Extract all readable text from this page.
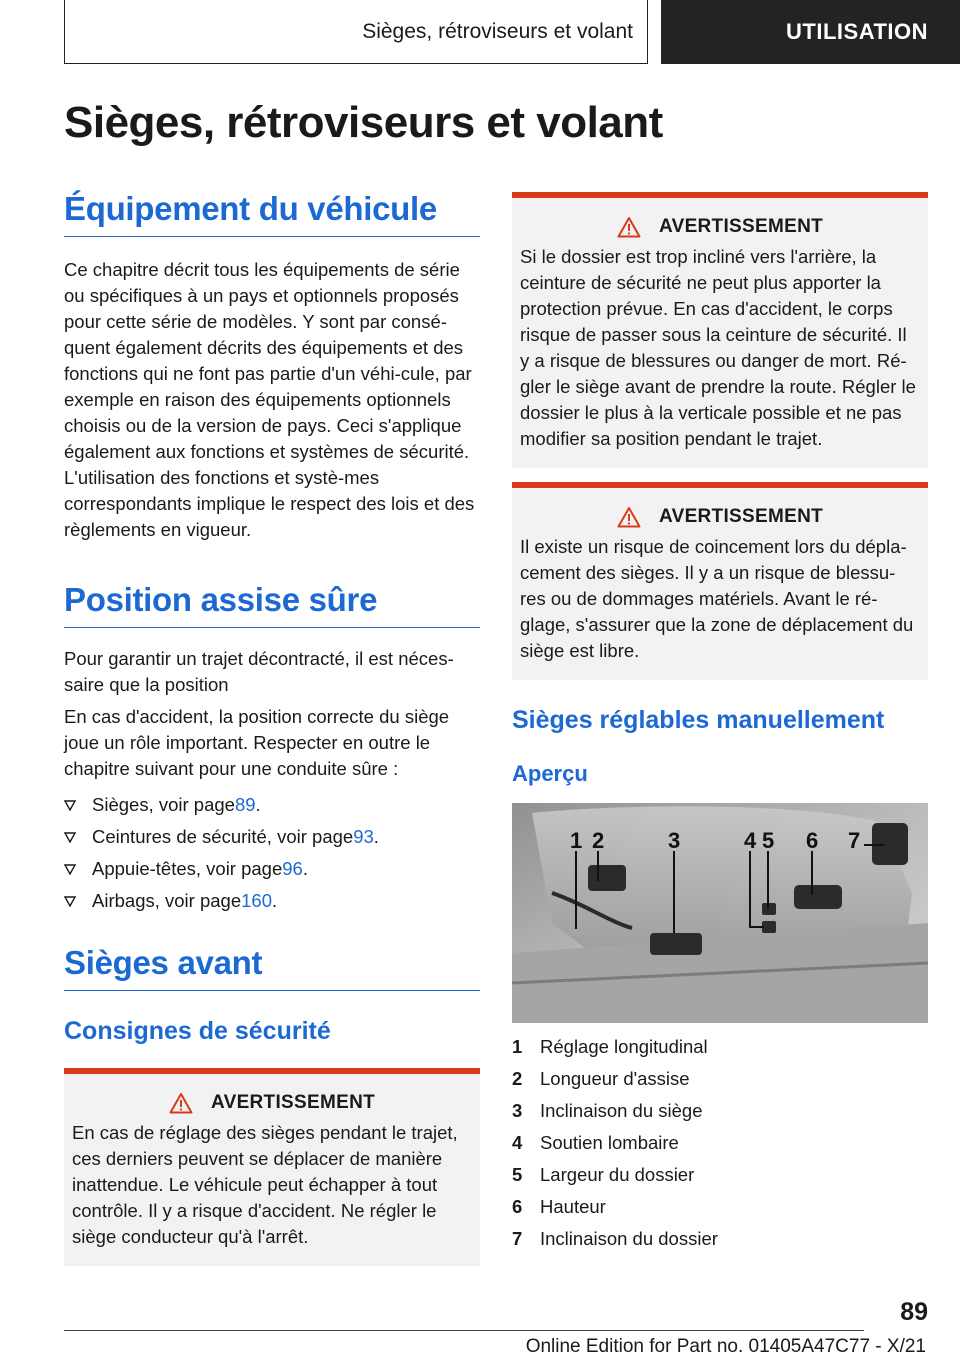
Sièges, rétroviseurs et volant	UTILISATION
Sièges, rétroviseurs et volant
Équipement du véhicule

Ce chapitre décrit tous les équipements de série ou spécifiques à un pays et optionnels proposés pour cette série de modèles. Y sont par consé-quent également décrits des équipements et des fonctions qui ne font pas partie d'un véhi-cule, par exemple en raison des équipements optionnels choisis ou de la version de pays. Ceci s'applique également aux fonctions et systèmes de sécurité. L'utilisation des fonctions et systè-mes correspondants implique le respect des lois et des règlements en vigueur.

Position assise sûre

Pour garantir un trajet décontracté, il est néces-saire que la position

En cas d'accident, la position correcte du siège joue un rôle important. Respecter en outre le chapitre suivant pour une conduite sûre :

Sièges, voir page 89 .
Ceintures de sécurité, voir page 93 .
Appuie-têtes, voir page 96 .
Airbags, voir page 160 .
Sièges avant
Consignes de sécurité
AVERTISSEMENT

En cas de réglage des sièges pendant le trajet, ces derniers peuvent se déplacer de manière inattendue. Le véhicule peut échapper à tout contrôle. Il y a risque d'accident. Ne régler le siège conducteur qu'à l'arrêt.

AVERTISSEMENT

Si le dossier est trop incliné vers l'arrière, la ceinture de sécurité ne peut plus apporter la protection prévue. En cas d'accident, le corps risque de passer sous la ceinture de sécurité. Il y a risque de blessures ou danger de mort. Ré-gler le siège avant de prendre la route. Régler le dossier le plus à la verticale possible et ne pas modifier sa position pendant le trajet.

AVERTISSEMENT

Il existe un risque de coincement lors du dépla-cement des sièges. Il y a un risque de blessu-res ou de dommages matériels. Avant le ré-glage, s'assurer que la zone de déplacement du siège est libre.

Sièges réglables manuellement
Aperçu
1 2	3	4 5 6 7
1 Réglage longitudinal
2 Longueur d'assise
3 Inclinaison du siège
4 Soutien lombaire
5 Largeur du dossier
6 Hauteur
7 Inclinaison du dossier
89
Online Edition for Part no. 01405A47C77 - X/21
